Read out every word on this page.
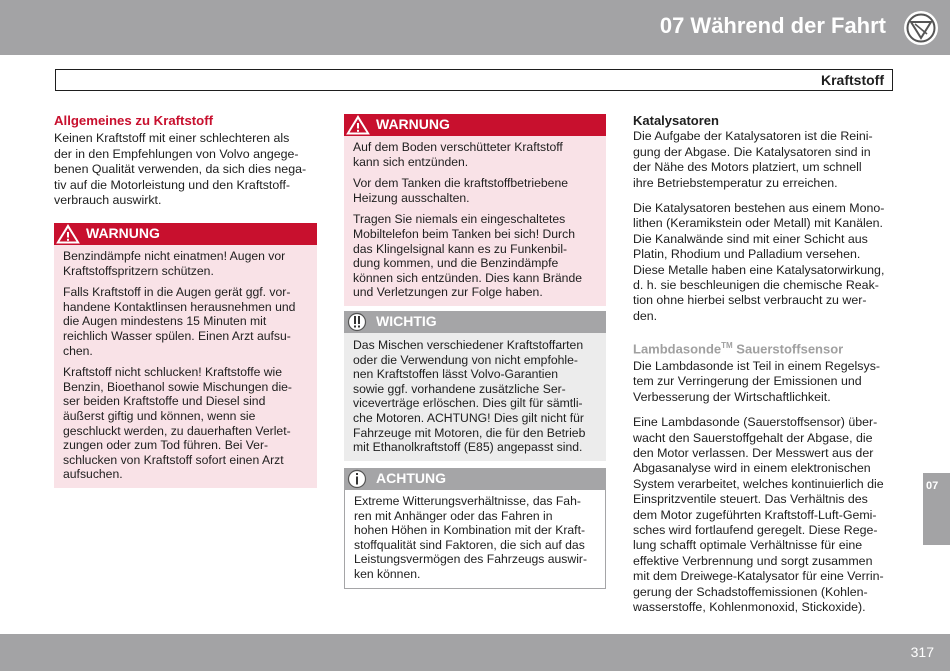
07 Während der Fahrt
Kraftstoff
Allgemeines zu Kraftstoff
Keinen Kraftstoff mit einer schlechteren als
der in den Empfehlungen von Volvo angege-
benen Qualität verwenden, da sich dies nega-
tiv auf die Motorleistung und den Kraftstoff-
verbrauch auswirkt.
WARNUNG

Benzindämpfe nicht einatmen! Augen vor
Kraftstoffspritzern schützen.

Falls Kraftstoff in die Augen gerät ggf. vor-
handene Kontaktlinsen herausnehmen und
die Augen mindestens 15 Minuten mit
reichlich Wasser spülen. Einen Arzt aufsu-
chen.

Kraftstoff nicht schlucken! Kraftstoffe wie
Benzin, Bioethanol sowie Mischungen die-
ser beiden Kraftstoffe und Diesel sind
äußerst giftig und können, wenn sie
geschluckt werden, zu dauerhaften Verlet-
zungen oder zum Tod führen. Bei Ver-
schlucken von Kraftstoff sofort einen Arzt
aufsuchen.

WARNUNG

Auf dem Boden verschütteter Kraftstoff
kann sich entzünden.

Vor dem Tanken die kraftstoffbetriebene
Heizung ausschalten.

Tragen Sie niemals ein eingeschaltetes
Mobiltelefon beim Tanken bei sich! Durch
das Klingelsignal kann es zu Funkenbil-
dung kommen, und die Benzindämpfe
können sich entzünden. Dies kann Brände
und Verletzungen zur Folge haben.

WICHTIG

Das Mischen verschiedener Kraftstoffarten
oder die Verwendung von nicht empfohle-
nen Kraftstoffen lässt Volvo-Garantien
sowie ggf. vorhandene zusätzliche Ser-
viceverträge erlöschen. Dies gilt für sämtli-
che Motoren. ACHTUNG! Dies gilt nicht für
Fahrzeuge mit Motoren, die für den Betrieb
mit Ethanolkraftstoff (E85) angepasst sind.

ACHTUNG

Extreme Witterungsverhältnisse, das Fah-
ren mit Anhänger oder das Fahren in
hohen Höhen in Kombination mit der Kraft-
stoffqualität sind Faktoren, die sich auf das
Leistungsvermögen des Fahrzeugs auswir-
ken können.

Katalysatoren

Die Aufgabe der Katalysatoren ist die Reini-
gung der Abgase. Die Katalysatoren sind in
der Nähe des Motors platziert, um schnell
ihre Betriebstemperatur zu erreichen.

Die Katalysatoren bestehen aus einem Mono-
lithen (Keramikstein oder Metall) mit Kanälen.
Die Kanalwände sind mit einer Schicht aus
Platin, Rhodium und Palladium versehen.
Diese Metalle haben eine Katalysatorwirkung,
d. h. sie beschleunigen die chemische Reak-
tion ohne hierbei selbst verbraucht zu wer-
den.

Lambdasonde™ Sauerstoffsensor

Die Lambdasonde ist Teil in einem Regelsys-
tem zur Verringerung der Emissionen und
Verbesserung der Wirtschaftlichkeit.

Eine Lambdasonde (Sauerstoffsensor) über-
wacht den Sauerstoffgehalt der Abgase, die
den Motor verlassen. Der Messwert aus der
Abgasanalyse wird in einem elektronischen
System verarbeitet, welches kontinuierlich die
Einspritzventile steuert. Das Verhältnis des
dem Motor zugeführten Kraftstoff-Luft-Gemi-
sches wird fortlaufend geregelt. Diese Rege-
lung schafft optimale Verhältnisse für eine
effektive Verbrennung und sorgt zusammen
mit dem Dreiwege-Katalysator für eine Verrin-
gerung der Schadstoffemissionen (Kohlen-
wasserstoffe, Kohlenmonoxid, Stickoxide).

07
317
